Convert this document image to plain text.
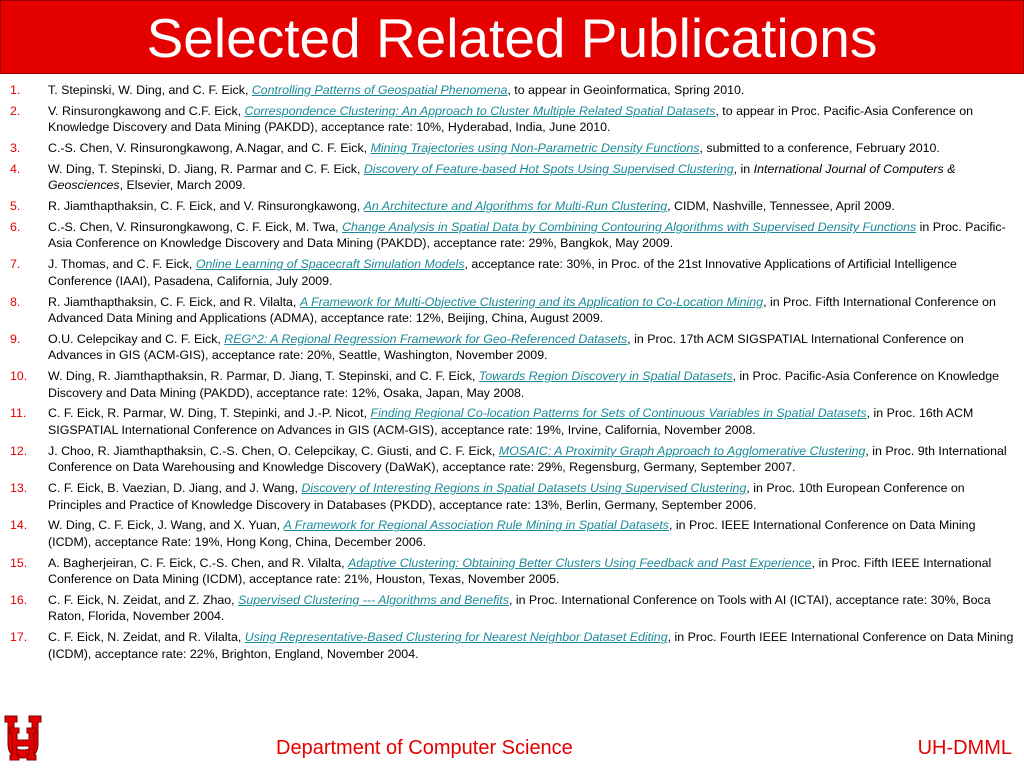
Selected Related Publications
1.	T. Stepinski, W. Ding, and C. F. Eick, Controlling Patterns of Geospatial Phenomena, to appear in Geoinformatica, Spring 2010.
2.	V. Rinsurongkawong and C.F. Eick, Correspondence Clustering: An Approach to Cluster Multiple Related Spatial Datasets, to appear in Proc. Pacific-Asia Conference on Knowledge Discovery and Data Mining (PAKDD), acceptance rate: 10%, Hyderabad, India, June 2010.
3.	C.-S. Chen, V. Rinsurongkawong, A.Nagar, and C. F. Eick, Mining Trajectories using Non-Parametric Density Functions, submitted to a conference, February 2010.
4.	W. Ding, T. Stepinski, D. Jiang, R. Parmar and C. F. Eick, Discovery of Feature-based Hot Spots Using Supervised Clustering, in International Journal of Computers & Geosciences, Elsevier, March 2009.
5.	R. Jiamthapthaksin, C. F. Eick, and V. Rinsurongkawong, An Architecture and Algorithms for Multi-Run Clustering, CIDM, Nashville, Tennessee, April 2009.
6.	C.-S. Chen, V. Rinsurongkawong, C. F. Eick, M. Twa, Change Analysis in Spatial Data by Combining Contouring Algorithms with Supervised Density Functions in Proc. Pacific-Asia Conference on Knowledge Discovery and Data Mining (PAKDD), acceptance rate: 29%, Bangkok, May 2009.
7.	J. Thomas, and C. F. Eick, Online Learning of Spacecraft Simulation Models, acceptance rate: 30%, in Proc. of the 21st Innovative Applications of Artificial Intelligence Conference (IAAI), Pasadena, California, July 2009.
8.	R. Jiamthapthaksin, C. F. Eick, and R. Vilalta, A Framework for Multi-Objective Clustering and its Application to Co-Location Mining, in Proc. Fifth International Conference on Advanced Data Mining and Applications (ADMA), acceptance rate: 12%, Beijing, China, August 2009.
9.	O.U. Celepcikay and C. F. Eick, REG^2: A Regional Regression Framework for Geo-Referenced Datasets, in Proc. 17th ACM SIGSPATIAL International Conference on Advances in GIS (ACM-GIS), acceptance rate: 20%, Seattle, Washington, November 2009.
10.	W. Ding, R. Jiamthapthaksin, R. Parmar, D. Jiang, T. Stepinski, and C. F. Eick, Towards Region Discovery in Spatial Datasets, in Proc. Pacific-Asia Conference on Knowledge Discovery and Data Mining (PAKDD), acceptance rate: 12%, Osaka, Japan, May 2008.
11.	C. F. Eick, R. Parmar, W. Ding, T. Stepinki, and J.-P. Nicot, Finding Regional Co-location Patterns for Sets of Continuous Variables in Spatial Datasets, in Proc. 16th ACM SIGSPATIAL International Conference on Advances in GIS (ACM-GIS), acceptance rate: 19%, Irvine, California, November 2008.
12.	J. Choo, R. Jiamthapthaksin, C.-S. Chen, O. Celepcikay, C. Giusti, and C. F. Eick, MOSAIC: A Proximity Graph Approach to Agglomerative Clustering, in Proc. 9th International Conference on Data Warehousing and Knowledge Discovery (DaWaK), acceptance rate: 29%, Regensburg, Germany, September 2007.
13.	C. F. Eick, B. Vaezian, D. Jiang, and J. Wang, Discovery of Interesting Regions in Spatial Datasets Using Supervised Clustering, in Proc. 10th European Conference on Principles and Practice of Knowledge Discovery in Databases (PKDD), acceptance rate: 13%, Berlin, Germany, September 2006.
14.	W. Ding, C. F. Eick, J. Wang, and X. Yuan, A Framework for Regional Association Rule Mining in Spatial Datasets, in Proc. IEEE International Conference on Data Mining (ICDM), acceptance Rate: 19%, Hong Kong, China, December 2006.
15.	A. Bagherjeiran, C. F. Eick, C.-S. Chen, and R. Vilalta, Adaptive Clustering: Obtaining Better Clusters Using Feedback and Past Experience, in Proc. Fifth IEEE International Conference on Data Mining (ICDM), acceptance rate: 21%, Houston, Texas, November 2005.
16.	C. F. Eick, N. Zeidat, and Z. Zhao, Supervised Clustering --- Algorithms and Benefits, in Proc. International Conference on Tools with AI (ICTAI), acceptance rate: 30%, Boca Raton, Florida, November 2004.
17.	C. F. Eick, N. Zeidat, and R. Vilalta, Using Representative-Based Clustering for Nearest Neighbor Dataset Editing, in Proc. Fourth IEEE International Conference on Data Mining (ICDM), acceptance rate: 22%, Brighton, England, November 2004.
Department of Computer Science	UH-DMML
